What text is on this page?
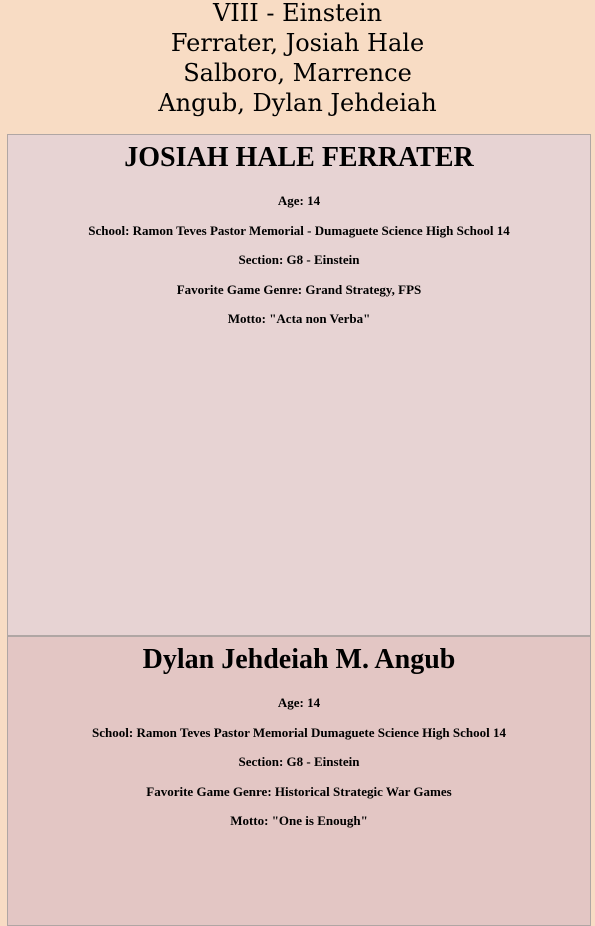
VIII - Einstein

Ferrater, Josiah Hale

Salboro, Marrence

Angub, Dylan Jehdeiah

JOSIAH HALE FERRATER

Age: 14

School: Ramon Teves Pastor Memorial - Dumaguete Science High School 14

Section: G8 - Einstein

Favorite Game Genre: Grand Strategy, FPS

Motto: "Acta non Verba"

Dylan Jehdeiah M. Angub

Age: 14

School: Ramon Teves Pastor Memorial Dumaguete Science High School 14

Section: G8 - Einstein

Favorite Game Genre: Historical Strategic War Games

Motto: "One is Enough"
